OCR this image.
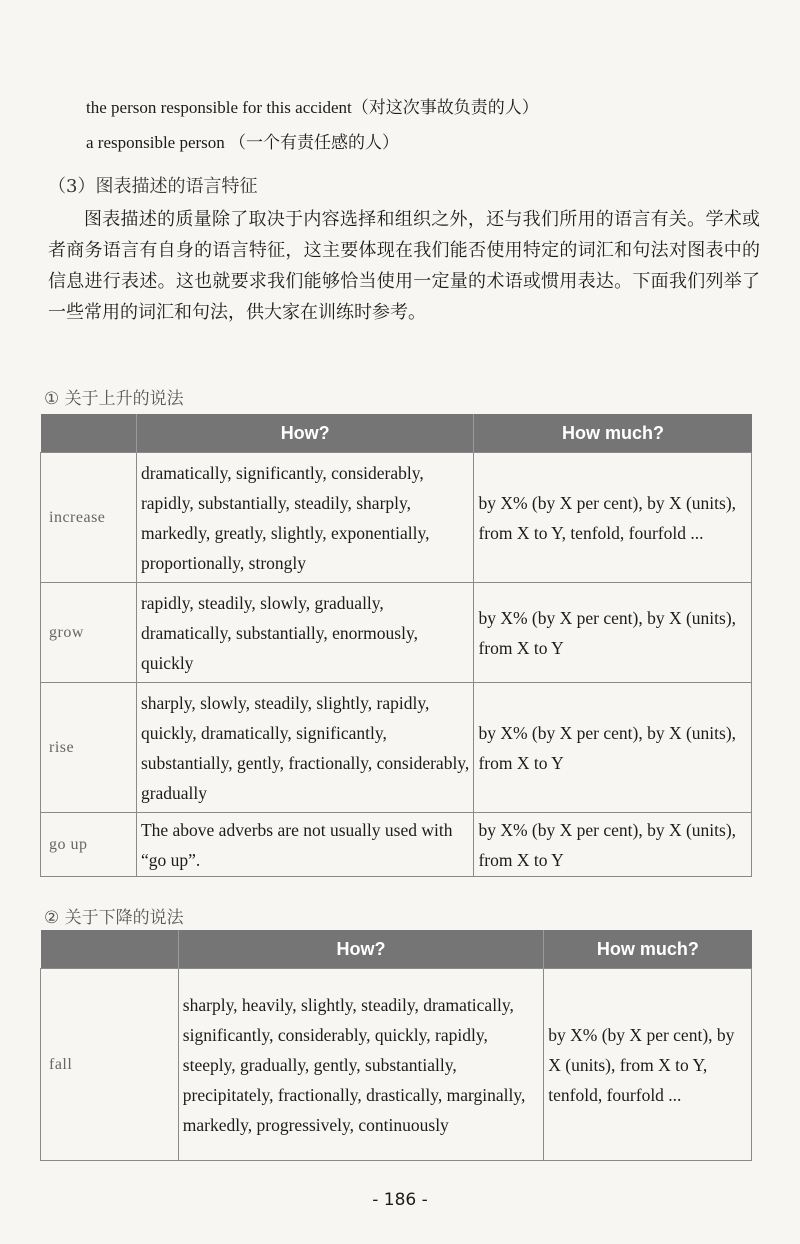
the person responsible for this accident（对这次事故负责的人）
a responsible person （一个有责任感的人）
（3）图表描述的语言特征

图表描述的质量除了取决于内容选择和组织之外，还与我们所用的语言有关。学术或者商务语言有自身的语言特征，这主要体现在我们能否使用特定的词汇和句法对图表中的信息进行表述。这也就要求我们能够恰当使用一定量的术语或惯用表达。下面我们列举了一些常用的词汇和句法，供大家在训练时参考。

① 关于上升的说法
	How?	How much?
increase	dramatically, significantly, considerably, rapidly, substantially, steadily, sharply, markedly, greatly, slightly, exponentially, proportionally, strongly	by X% (by X per cent), by X (units), from X to Y, tenfold, fourfold ...
grow	rapidly, steadily, slowly, gradually, dramatically, substantially, enormously, quickly	by X% (by X per cent), by X (units), from X to Y
rise	sharply, slowly, steadily, slightly, rapidly, quickly, dramatically, significantly, substantially, gently, fractionally, considerably, gradually	by X% (by X per cent), by X (units), from X to Y
go up	The above adverbs are not usually used with “go up”.	by X% (by X per cent), by X (units), from X to Y
② 关于下降的说法
	How?	How much?
fall	sharply, heavily, slightly, steadily, dramatically, significantly, considerably, quickly, rapidly, steeply, gradually, gently, substantially, precipitately, fractionally, drastically, marginally, markedly, progressively, continuously	by X% (by X per cent), by X (units), from X to Y, tenfold, fourfold ...
- 186 -
